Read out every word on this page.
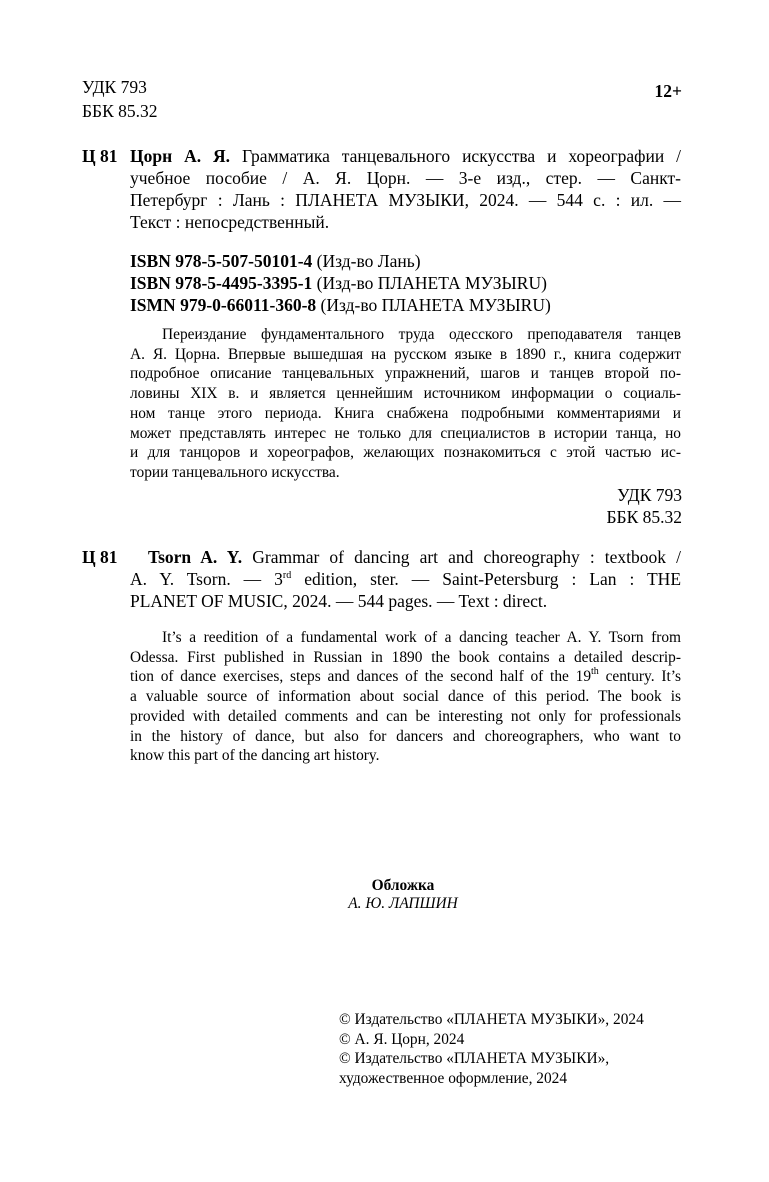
УДК 793
ББК 85.32
12+
Ц 81 Цорн А. Я. Грамматика танцевального искусства и хореографии /
учебное пособие / А. Я. Цорн. — 3-е изд., стер. — Санкт-
Петербург : Лань : ПЛАНЕТА МУЗЫКИ, 2024. — 544 с. : ил. —
Текст : непосредственный.
ISBN 978-5-507-50101-4 (Изд-во Лань)
ISBN 978-5-4495-3395-1 (Изд-во ПЛАНЕТА МУЗЫRU)
ISMN 979-0-66011-360-8 (Изд-во ПЛАНЕТА МУЗЫRU)
Переиздание фундаментального труда одесского преподавателя танцев
А. Я. Цорна. Впервые вышедшая на русском языке в 1890 г., книга содержит
подробное описание танцевальных упражнений, шагов и танцев второй по-
ловины XIX в. и является ценнейшим источником информации о социаль-
ном танце этого периода. Книга снабжена подробными комментариями и
может представлять интерес не только для специалистов в истории танца, но
и для танцоров и хореографов, желающих познакомиться с этой частью ис-
тории танцевального искусства.
УДК 793
ББК 85.32
Ц 81	Tsorn A. Y. Grammar of dancing art and choreography : textbook /
A. Y. Tsorn. — 3rd edition, ster. — Saint-Petersburg : Lan : THE
PLANET OF MUSIC, 2024. — 544 pages. — Text : direct.
It’s a reedition of a fundamental work of a dancing teacher A. Y. Tsorn from
Odessa. First published in Russian in 1890 the book contains a detailed descrip-
tion of dance exercises, steps and dances of the second half of the 19th century. It’s
a valuable source of information about social dance of this period. The book is
provided with detailed comments and can be interesting not only for professionals
in the history of dance, but also for dancers and choreographers, who want to
know this part of the dancing art history.
Обложка
А. Ю. ЛАПШИН
© Издательство «ПЛАНЕТА МУЗЫКИ», 2024
© А. Я. Цорн, 2024
© Издательство «ПЛАНЕТА МУЗЫКИ»,
художественное оформление, 2024
